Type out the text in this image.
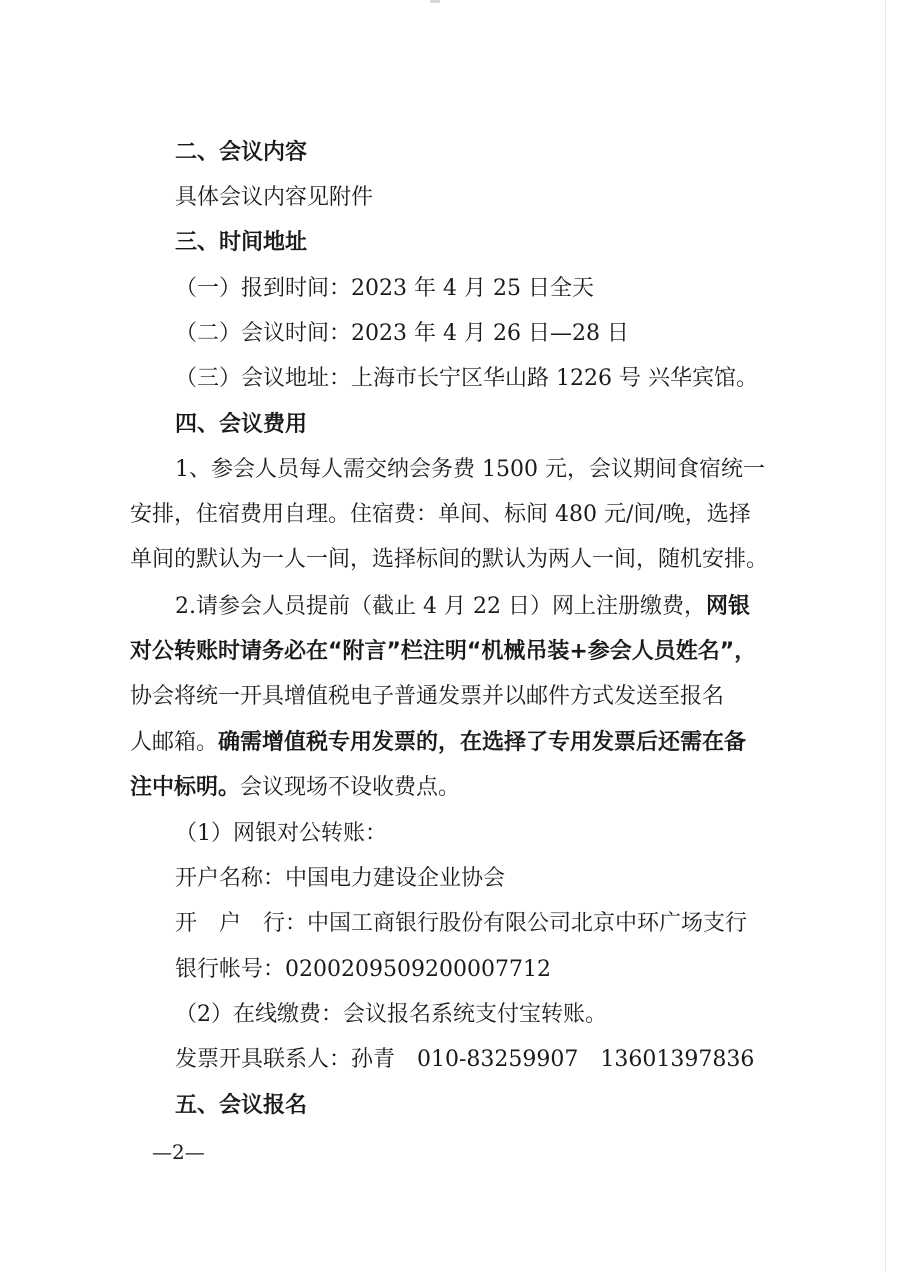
二、会议内容
具体会议内容见附件
三、时间地址
（一）报到时间：2023 年 4 月 25 日全天
（二）会议时间：2023 年 4 月 26 日—28 日
（三）会议地址：上海市长宁区华山路 1226 号 兴华宾馆。
四、会议费用
1、参会人员每人需交纳会务费 1500 元，会议期间食宿统一
安排，住宿费用自理。住宿费：单间、标间 480 元/间/晚，选择
单间的默认为一人一间，选择标间的默认为两人一间，随机安排。
2.请参会人员提前（截止 4 月 22 日）网上注册缴费，网银
对公转账时请务必在“附言”栏注明“机械吊装+参会人员姓名”，
协会将统一开具增值税电子普通发票并以邮件方式发送至报名
人邮箱。确需增值税专用发票的，在选择了专用发票后还需在备
注中标明。会议现场不设收费点。
（1）网银对公转账：
开户名称：中国电力建设企业协会
开　户　行：中国工商银行股份有限公司北京中环广场支行
银行帐号：0200209509200007712
（2）在线缴费：会议报名系统支付宝转账。
发票开具联系人：孙青　010-83259907　13601397836
五、会议报名
—2—
